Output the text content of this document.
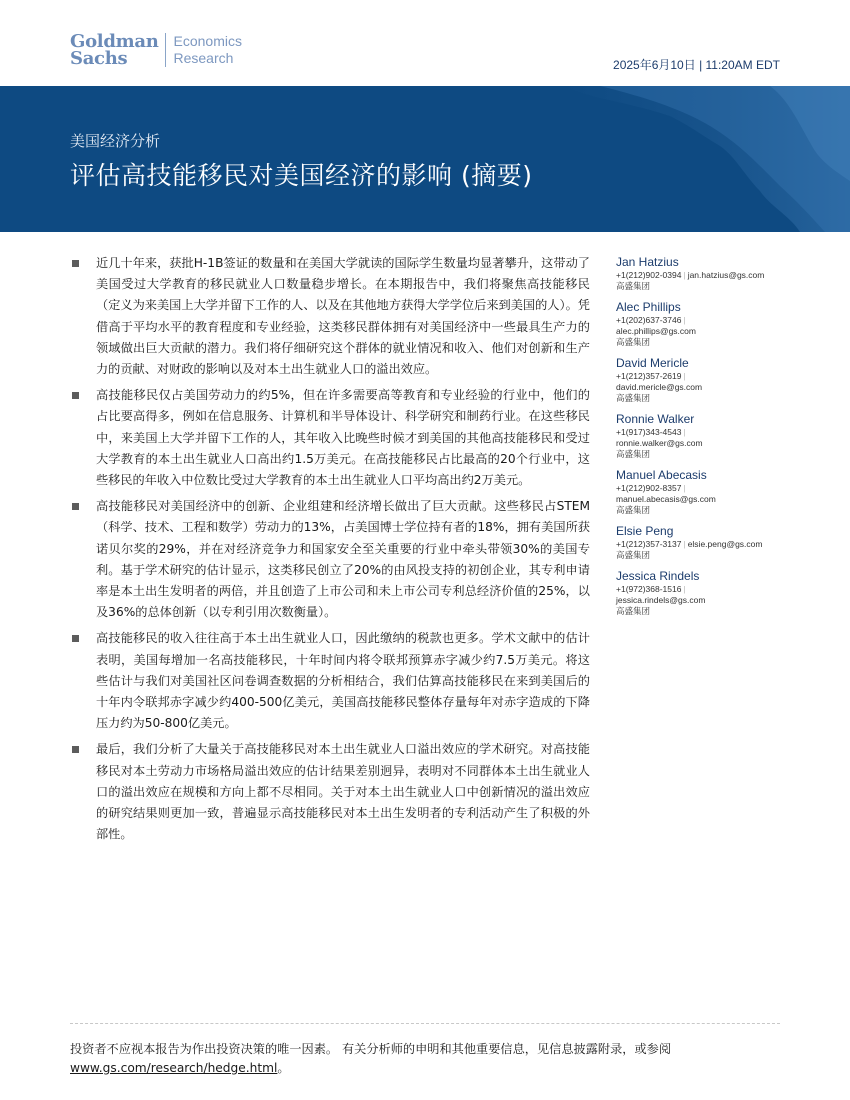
Goldman
Sachs
Economics
Research	2025年6月10日 | 11:20AM EDT
美国经济分析
评估高技能移民对美国经济的影响 (摘要)
近几十年来，获批H-1B签证的数量和在美国大学就读的国际学生数量均显著攀升，这带动了美国受过大学教育的移民就业人口数量稳步增长。在本期报告中，我们将聚焦高技能移民（定义为来美国上大学并留下工作的人、以及在其他地方获得大学学位后来到美国的人）。凭借高于平均水平的教育程度和专业经验，这类移民群体拥有对美国经济中一些最具生产力的领域做出巨大贡献的潜力。我们将仔细研究这个群体的就业情况和收入、他们对创新和生产力的贡献、对财政的影响以及对本土出生就业人口的溢出效应。
高技能移民仅占美国劳动力的约5%，但在许多需要高等教育和专业经验的行业中，他们的占比要高得多，例如在信息服务、计算机和半导体设计、科学研究和制药行业。在这些移民中，来美国上大学并留下工作的人，其年收入比晚些时候才到美国的其他高技能移民和受过大学教育的本土出生就业人口高出约1.5万美元。在高技能移民占比最高的20个行业中，这些移民的年收入中位数比受过大学教育的本土出生就业人口平均高出约2万美元。
高技能移民对美国经济中的创新、企业组建和经济增长做出了巨大贡献。这些移民占STEM（科学、技术、工程和数学）劳动力的13%，占美国博士学位持有者的18%，拥有美国所获诺贝尔奖的29%，并在对经济竞争力和国家安全至关重要的行业中牵头带领30%的美国专利。基于学术研究的估计显示，这类移民创立了20%的由风投支持的初创企业，其专利申请率是本土出生发明者的两倍，并且创造了上市公司和未上市公司专利总经济价值的25%，以及36%的总体创新（以专利引用次数衡量）。
高技能移民的收入往往高于本土出生就业人口，因此缴纳的税款也更多。学术文献中的估计表明，美国每增加一名高技能移民，十年时间内将令联邦预算赤字减少约7.5万美元。将这些估计与我们对美国社区问卷调查数据的分析相结合，我们估算高技能移民在来到美国后的十年内令联邦赤字减少约400-500亿美元，美国高技能移民整体存量每年对赤字造成的下降压力约为50-800亿美元。
最后，我们分析了大量关于高技能移民对本土出生就业人口溢出效应的学术研究。对高技能移民对本土劳动力市场格局溢出效应的估计结果差别迥异，表明对不同群体本土出生就业人口的溢出效应在规模和方向上都不尽相同。关于对本土出生就业人口中创新情况的溢出效应的研究结果则更加一致，普遍显示高技能移民对本土出生发明者的专利活动产生了积极的外部性。
Jan Hatzius
+1(212)902-0394 | jan.hatzius@gs.com
高盛集团
Alec Phillips
+1(202)637-3746 |
alec.phillips@gs.com
高盛集团
David Mericle
+1(212)357-2619 |
david.mericle@gs.com
高盛集团
Ronnie Walker
+1(917)343-4543 |
ronnie.walker@gs.com
高盛集团
Manuel Abecasis
+1(212)902-8357 |
manuel.abecasis@gs.com
高盛集团
Elsie Peng
+1(212)357-3137 | elsie.peng@gs.com
高盛集团
Jessica Rindels
+1(972)368-1516 |
jessica.rindels@gs.com
高盛集团
投资者不应视本报告为作出投资决策的唯一因素。 有关分析师的申明和其他重要信息，见信息披露附录，或参阅www.gs.com/research/hedge.html。
